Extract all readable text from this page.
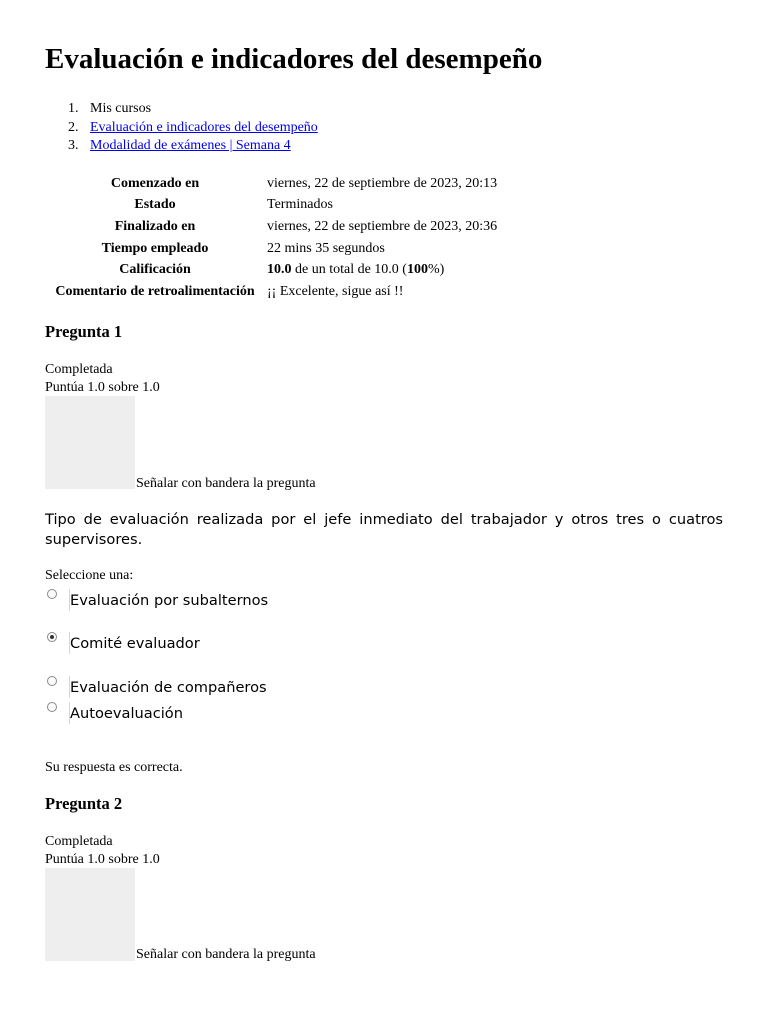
Evaluación e indicadores del desempeño
1. Mis cursos
2. Evaluación e indicadores del desempeño
3. Modalidad de exámenes | Semana 4
Comenzado en	viernes, 22 de septiembre de 2023, 20:13
Estado	Terminados
Finalizado en	viernes, 22 de septiembre de 2023, 20:36
Tiempo empleado	22 mins 35 segundos
Calificación	10.0 de un total de 10.0 (100%)
Comentario de retroalimentación	¡¡ Excelente, sigue así !!
Pregunta 1
Completada
Puntúa 1.0 sobre 1.0
Señalar con bandera la pregunta

Tipo de evaluación realizada por el jefe inmediato del trabajador y otros tres o cuatros supervisores.

Seleccione una:
Evaluación por subalternos
Comité evaluador
Evaluación de compañeros
Autoevaluación
Su respuesta es correcta.
Pregunta 2
Completada
Puntúa 1.0 sobre 1.0
Señalar con bandera la pregunta
